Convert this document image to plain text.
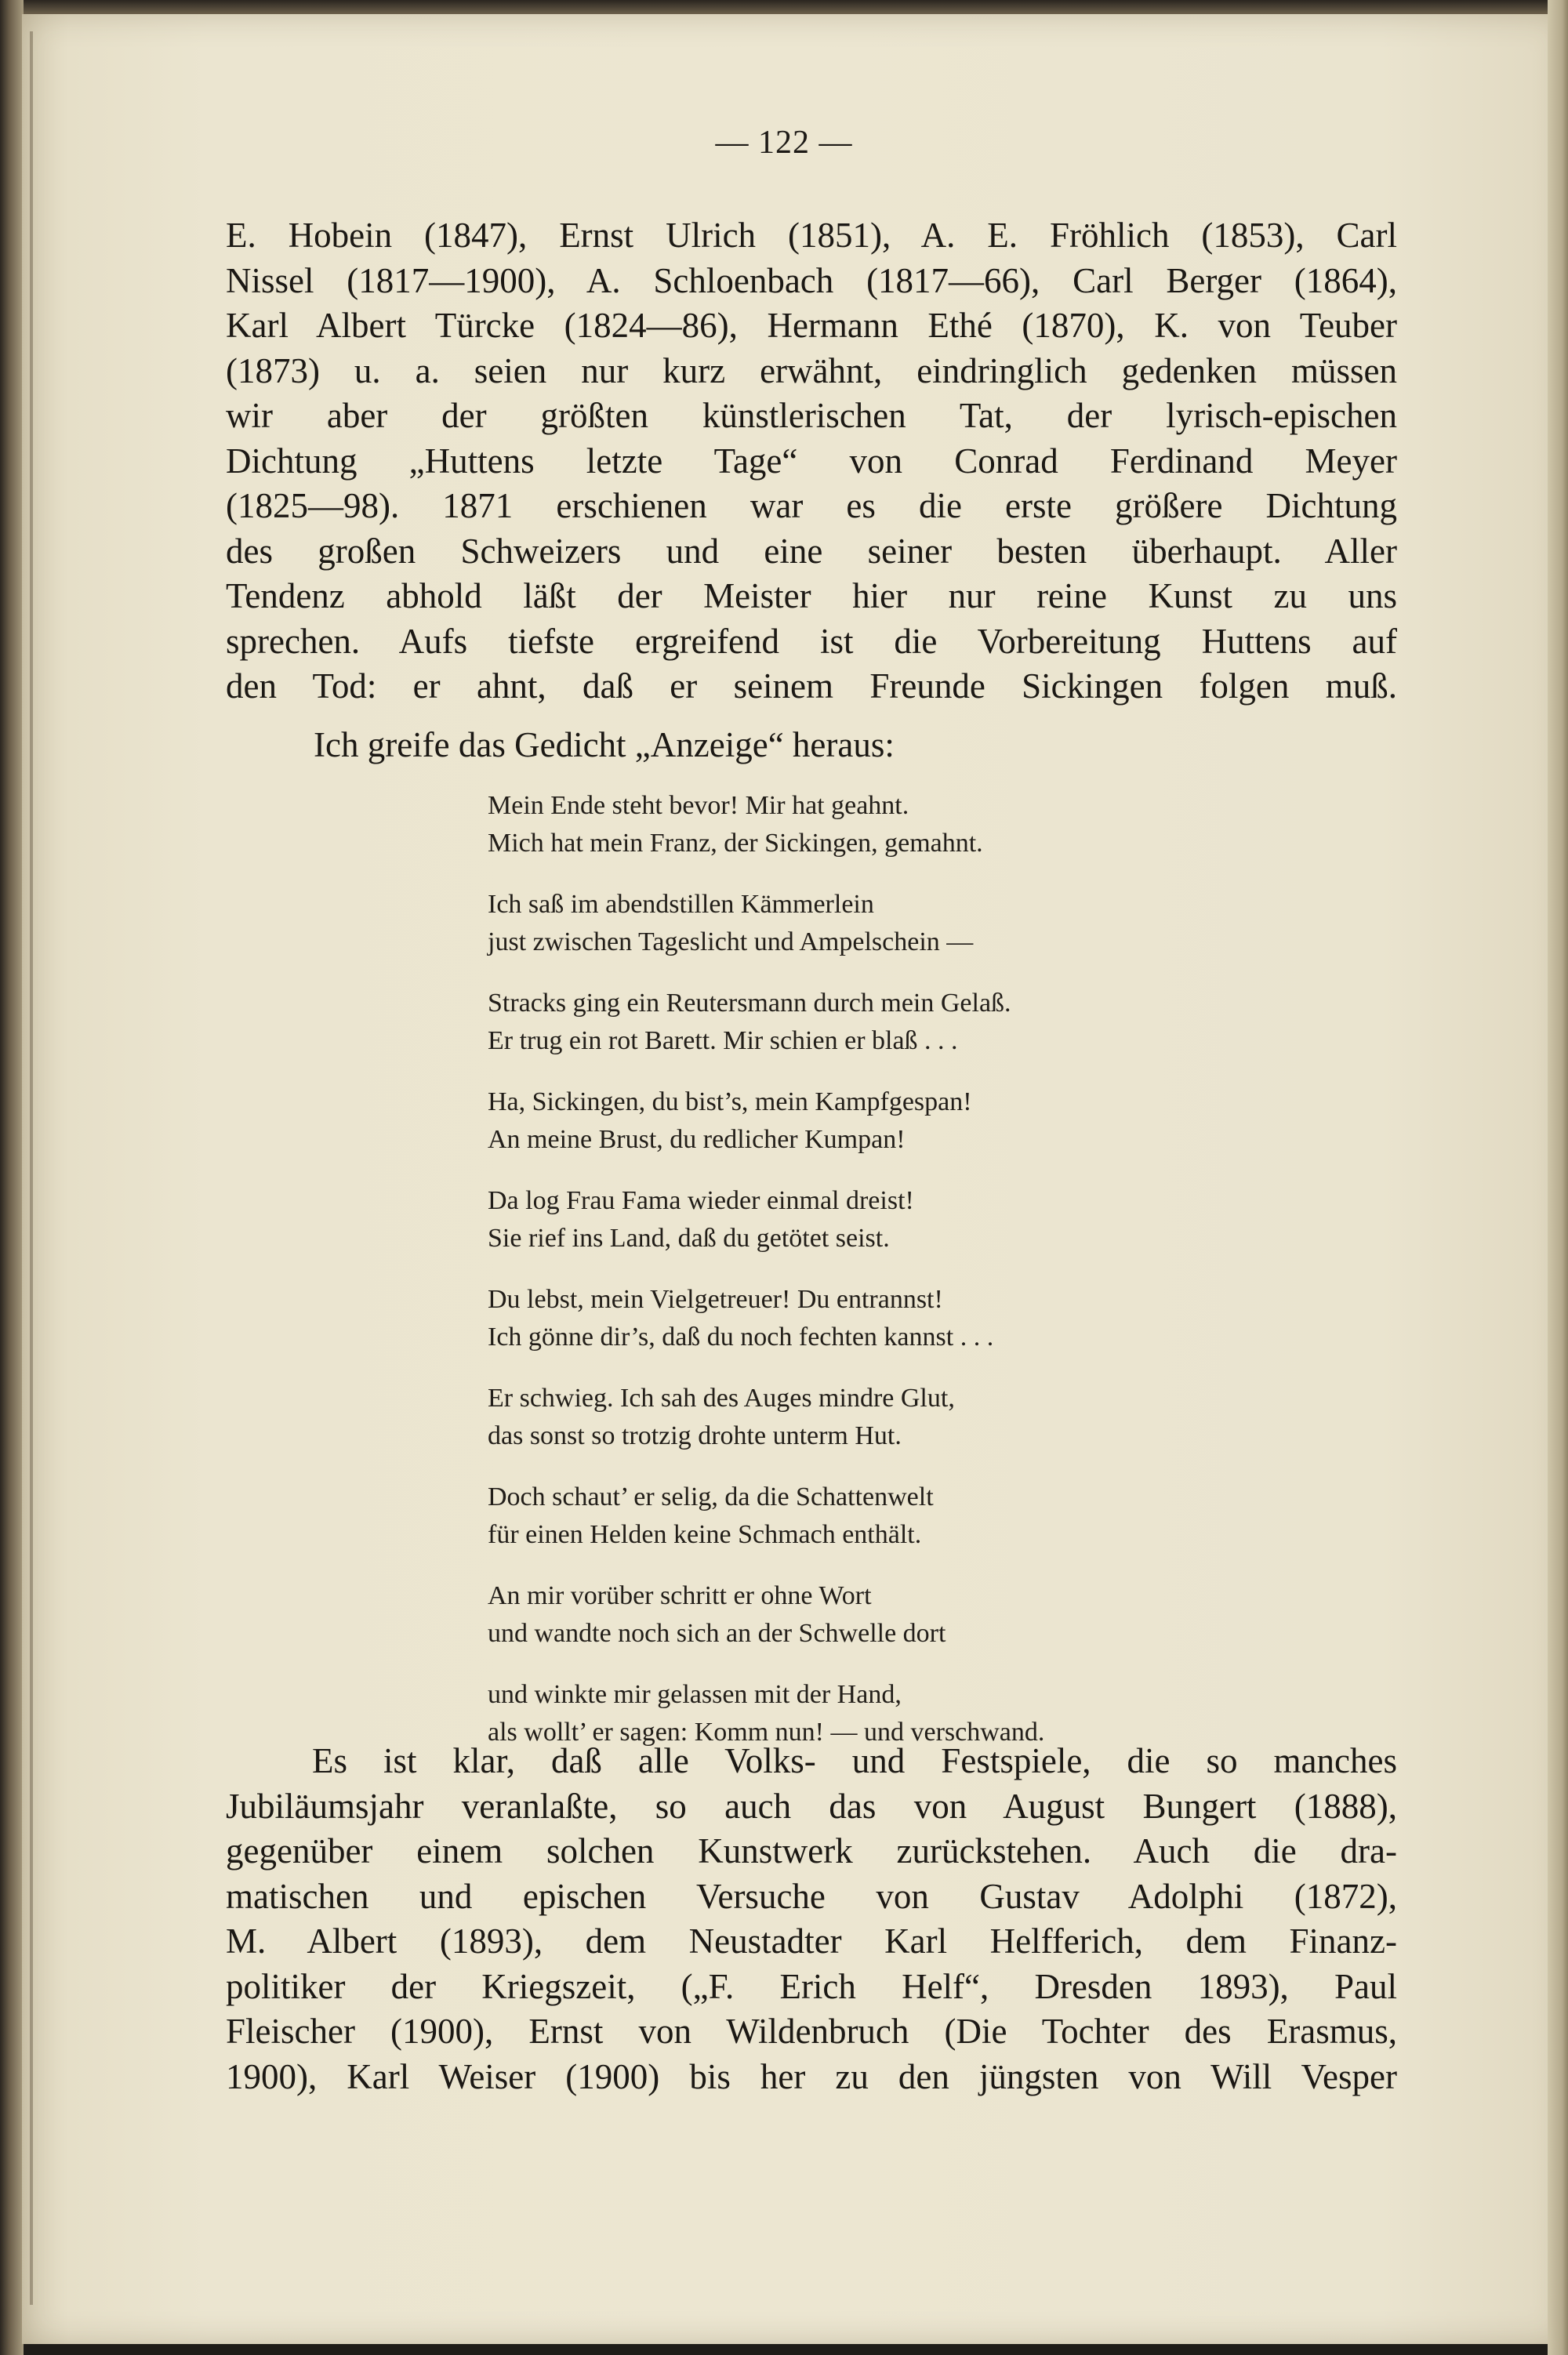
— 122 —
E. Hobein (1847), Ernst Ulrich (1851), A. E. Fröhlich (1853), Carl
Nissel (1817—1900), A. Schloenbach (1817—66), Carl Berger (1864),
Karl Albert Türcke (1824—86), Hermann Ethé (1870), K. von Teuber
(1873) u. a. seien nur kurz erwähnt, eindringlich gedenken müssen
wir aber der größten künstlerischen Tat, der lyrisch-epischen
Dichtung „Huttens letzte Tage“ von Conrad Ferdinand Meyer
(1825—98). 1871 erschienen war es die erste größere Dichtung
des großen Schweizers und eine seiner besten überhaupt. Aller
Tendenz abhold läßt der Meister hier nur reine Kunst zu uns
sprechen. Aufs tiefste ergreifend ist die Vorbereitung Huttens auf
den Tod: er ahnt, daß er seinem Freunde Sickingen folgen muß.
Ich greife das Gedicht „Anzeige“ heraus:
Mein Ende steht bevor! Mir hat geahnt.
Mich hat mein Franz, der Sickingen, gemahnt.
Ich saß im abendstillen Kämmerlein
just zwischen Tageslicht und Ampelschein —
Stracks ging ein Reutersmann durch mein Gelaß.
Er trug ein rot Barett. Mir schien er blaß . . .
Ha, Sickingen, du bist’s, mein Kampfgespan!
An meine Brust, du redlicher Kumpan!
Da log Frau Fama wieder einmal dreist!
Sie rief ins Land, daß du getötet seist.
Du lebst, mein Vielgetreuer! Du entrannst!
Ich gönne dir’s, daß du noch fechten kannst . . .
Er schwieg. Ich sah des Auges mindre Glut,
das sonst so trotzig drohte unterm Hut.
Doch schaut’ er selig, da die Schattenwelt
für einen Helden keine Schmach enthält.
An mir vorüber schritt er ohne Wort
und wandte noch sich an der Schwelle dort
und winkte mir gelassen mit der Hand,
als wollt’ er sagen: Komm nun! — und verschwand.
Es ist klar, daß alle Volks- und Festspiele, die so manches
Jubiläumsjahr veranlaßte, so auch das von August Bungert (1888),
gegenüber einem solchen Kunstwerk zurückstehen. Auch die dra-
matischen und epischen Versuche von Gustav Adolphi (1872),
M. Albert (1893), dem Neustadter Karl Helfferich, dem Finanz-
politiker der Kriegszeit, („F. Erich Helf“, Dresden 1893), Paul
Fleischer (1900), Ernst von Wildenbruch (Die Tochter des Erasmus,
1900), Karl Weiser (1900) bis her zu den jüngsten von Will Vesper
